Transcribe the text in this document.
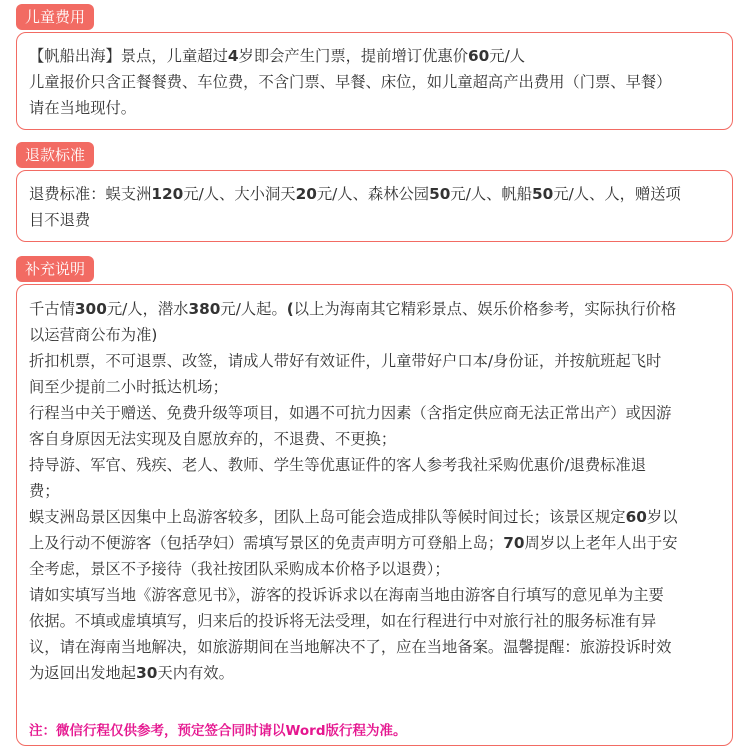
儿童费用

【帆船出海】景点，儿童超过4岁即会产生门票，提前增订优惠价60元/人

儿童报价只含正餐餐费、车位费，不含门票、早餐、床位，如儿童超高产出费用（门票、早餐）

请在当地现付。

退款标准

退费标准：蜈支洲120元/人、大小洞天20元/人、森林公园50元/人、帆船50元/人、人，赠送项

目不退费

补充说明

千古情300元/人，潜水380元/人起。(以上为海南其它精彩景点、娱乐价格参考，实际执行价格

以运营商公布为准)

折扣机票，不可退票、改签，请成人带好有效证件，儿童带好户口本/身份证，并按航班起飞时

间至少提前二小时抵达机场；

行程当中关于赠送、免费升级等项目，如遇不可抗力因素（含指定供应商无法正常出产）或因游

客自身原因无法实现及自愿放弃的，不退费、不更换；

持导游、军官、残疾、老人、教师、学生等优惠证件的客人参考我社采购优惠价/退费标准退

费；

蜈支洲岛景区因集中上岛游客较多，团队上岛可能会造成排队等候时间过长；该景区规定60岁以

上及行动不便游客（包括孕妇）需填写景区的免责声明方可登船上岛；70周岁以上老年人出于安

全考虑，景区不予接待（我社按团队采购成本价格予以退费）；

请如实填写当地《游客意见书》，游客的投诉诉求以在海南当地由游客自行填写的意见单为主要

依据。不填或虚填填写，归来后的投诉将无法受理，如在行程进行中对旅行社的服务标准有异

议，请在海南当地解决，如旅游期间在当地解决不了，应在当地备案。温馨提醒：旅游投诉时效

为返回出发地起30天内有效。

注：微信行程仅供参考，预定签合同时请以Word版行程为准。
